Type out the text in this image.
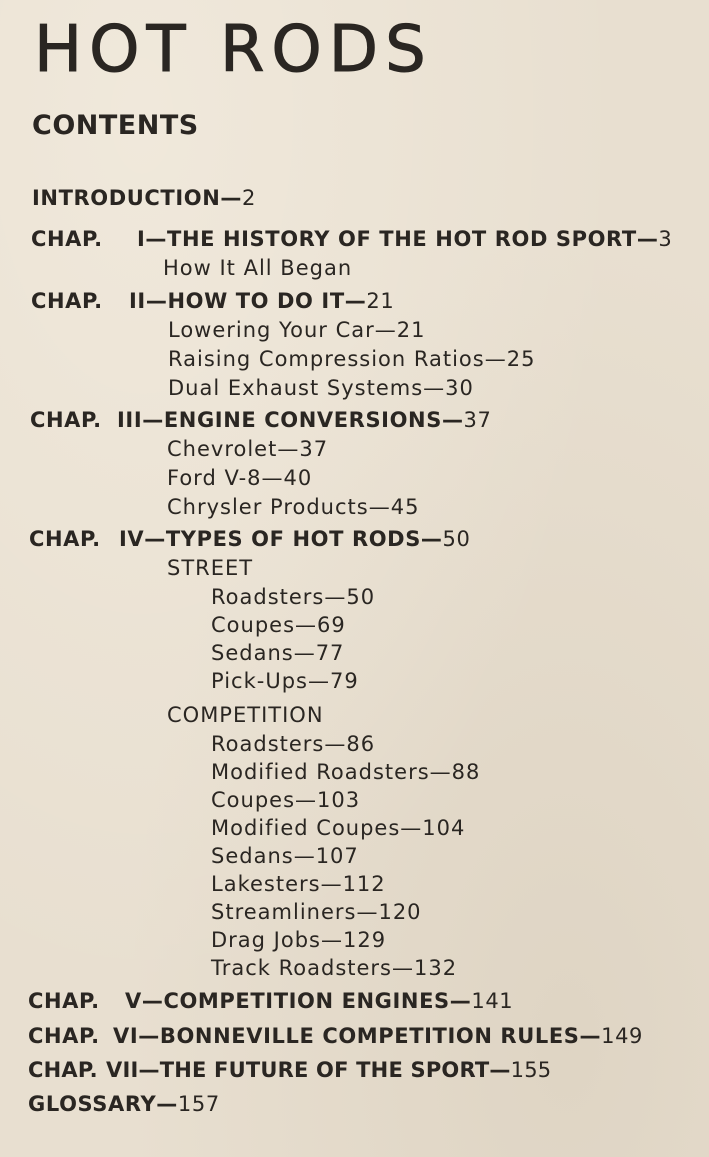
HOT RODS
CONTENTS
INTRODUCTION—2
CHAP. I—THE HISTORY OF THE HOT ROD SPORT—3
How It All Began
CHAP. II—HOW TO DO IT—21
Lowering Your Car—21
Raising Compression Ratios—25
Dual Exhaust Systems—30
CHAP. III—ENGINE CONVERSIONS—37
Chevrolet—37
Ford V-8—40
Chrysler Products—45
CHAP. IV—TYPES OF HOT RODS—50
STREET
Roadsters—50
Coupes—69
Sedans—77
Pick-Ups—79
COMPETITION
Roadsters—86
Modified Roadsters—88
Coupes—103
Modified Coupes—104
Sedans—107
Lakesters—112
Streamliners—120
Drag Jobs—129
Track Roadsters—132
CHAP. V—COMPETITION ENGINES—141
CHAP. VI—BONNEVILLE COMPETITION RULES—149
CHAP. VII—THE FUTURE OF THE SPORT—155
GLOSSARY—157
